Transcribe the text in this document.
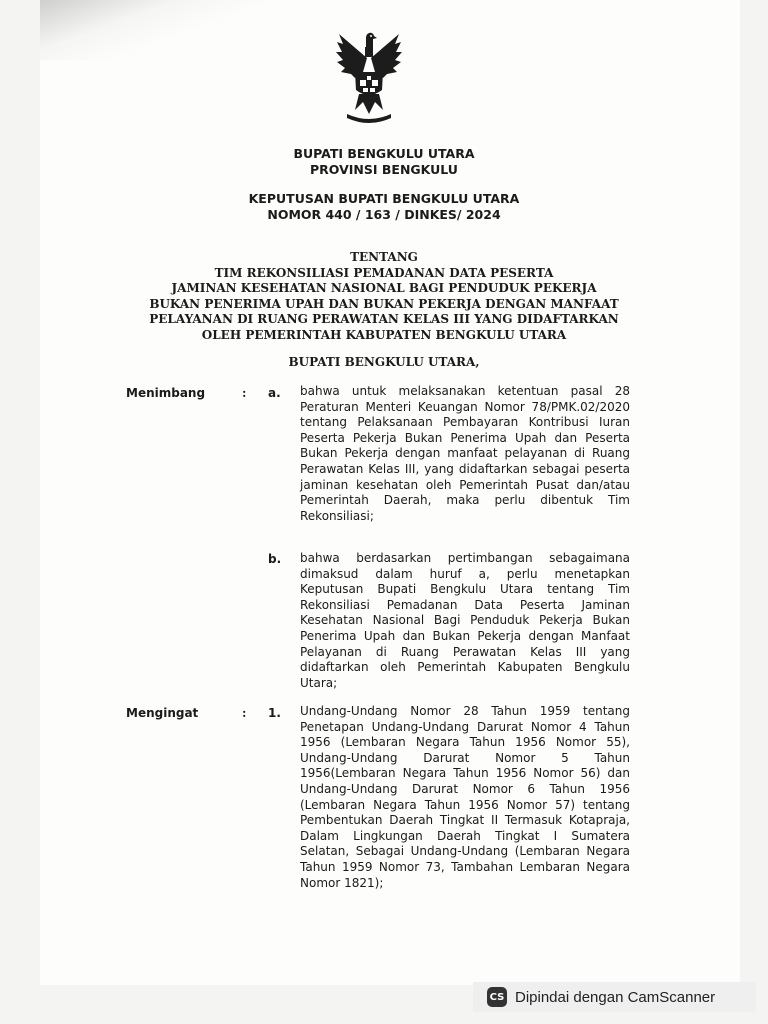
BUPATI BENGKULU UTARA
PROVINSI BENGKULU
KEPUTUSAN BUPATI BENGKULU UTARA
NOMOR 440 / 163 / DINKES/ 2024
TENTANG
TIM REKONSILIASI PEMADANAN DATA PESERTA
JAMINAN KESEHATAN NASIONAL BAGI PENDUDUK PEKERJA
BUKAN PENERIMA UPAH DAN BUKAN PEKERJA DENGAN MANFAAT
PELAYANAN DI RUANG PERAWATAN KELAS III YANG DIDAFTARKAN
OLEH PEMERINTAH KABUPATEN BENGKULU UTARA
BUPATI BENGKULU UTARA,
Menimbang	: a. bahwa untuk melaksanakan ketentuan pasal 28 Peraturan Menteri Keuangan Nomor 78/PMK.02/2020 tentang Pelaksanaan Pembayaran Kontribusi Iuran Peserta Pekerja Bukan Penerima Upah dan Peserta Bukan Pekerja dengan manfaat pelayanan di Ruang Perawatan Kelas III, yang didaftarkan sebagai peserta jaminan kesehatan oleh Pemerintah Pusat dan/atau Pemerintah Daerah, maka perlu dibentuk Tim Rekonsiliasi;
b. bahwa berdasarkan pertimbangan sebagaimana dimaksud dalam huruf a, perlu menetapkan Keputusan Bupati Bengkulu Utara tentang Tim Rekonsiliasi Pemadanan Data Peserta Jaminan Kesehatan Nasional Bagi Penduduk Pekerja Bukan Penerima Upah dan Bukan Pekerja dengan Manfaat Pelayanan di Ruang Perawatan Kelas III yang didaftarkan oleh Pemerintah Kabupaten Bengkulu Utara;
Mengingat	: 1. Undang-Undang Nomor 28 Tahun 1959 tentang Penetapan Undang-Undang Darurat Nomor 4 Tahun 1956 (Lembaran Negara Tahun 1956 Nomor 55), Undang-Undang Darurat Nomor 5 Tahun 1956(Lembaran Negara Tahun 1956 Nomor 56) dan Undang-Undang Darurat Nomor 6 Tahun 1956 (Lembaran Negara Tahun 1956 Nomor 57) tentang Pembentukan Daerah Tingkat II Termasuk Kotapraja, Dalam Lingkungan Daerah Tingkat I Sumatera Selatan, Sebagai Undang-Undang (Lembaran Negara Tahun 1959 Nomor 73, Tambahan Lembaran Negara Nomor 1821);
CS Dipindai dengan CamScanner
